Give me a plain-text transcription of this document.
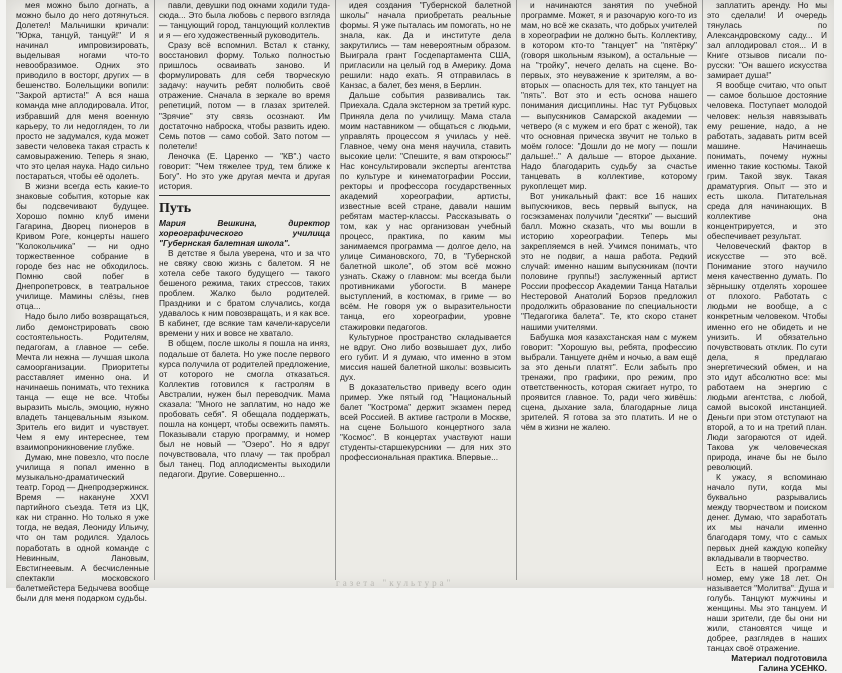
мея можно было догнать, а можно было до него дотянуться. Долетел! Мальчишки кричали: "Юрка, танцуй, танцуй!" И я начинал импровизировать, выделывая ногами что-то невообразимое. Одних это приводило в восторг, других — в бешенство. Болельщики вопили: "Закрой артиста!" А вся наша команда мне аплодировала. Итог, избравший для меня военную карьеру, то ли недогляден, то ли просто не задумался, куда может завести человека такая страсть к самовыражению. Теперь я знаю, что это целая наука. Надо сильно постараться, чтобы её одолеть.

В жизни всегда есть какие-то знаковые события, которые как бы подсвечивают будущее. Хорошо помню клуб имени Гагарина, Дворец пионеров в Кривом Роге, концерты нашего "Колокольчика" — ни одно торжественное собрание в городе без нас не обходилось. Помню свой побег в Днепропетровск, в театральное училище. Мамины слёзы, гнев отца...

Надо было либо возвращаться, либо демонстрировать свою состоятельность. Родителям, педагогам, а главное — себе. Мечта ли нежна — лучшая школа самоорганизации. Приоритеты расставляет именно она. И начинаешь понимать, что техника танца — еще не все. Чтобы выразить мысль, эмоцию, нужно владеть танцевальным языком. Зритель его видит и чувствует. Чем я ему интереснее, тем взаимопроникновение глубже.

Думаю, мне повезло, что после училища я попал именно в музыкально-драматический театр. Город — Днепродзержинск. Время — накануне XXVI партийного съезда. Тетя из ЦК, как ни странно. Но только я уже тогда, не ведая, Леониду Ильичу, что он там родился. Удалось поработать в одной команде с Невинным, Лановым, Евстигнеевым. А бесчисленные спектакли московского балетмейстера Бедычева вообще были для меня подарком судьбы.

павли, девушки под окнами ходили туда-сюда... Это была любовь с первого взгляда — танцующий город, танцующий коллектив и я — его художественный руководитель.

Сразу всё вспомнил. Встал к станку, восстановил форму. Только полностью пришлось осваивать заново. И формулировать для себя творческую задачу: научить ребят полюбить своё отражение. Сначала в зеркале во время репетиций, потом — в глазах зрителей. "Зрячие" эту связь осознают. Им достаточно наброска, чтобы развить идею. Семь потов — само собой. Зато потом — полетели!

Леночка (Е. Царенко — "КВ".) часто говорит: "Чем тяжелее труд, тем ближе к Богу". Но это уже другая мечта и другая история.

Путь

Мария Вешкина, директор хореографического училища "Губернская балетная школа".

В детстве я была уверена, что и за что не свяжу свою жизнь с балетом. Я не хотела себе такого будущего — такого бешеного режима, таких стрессов, таких проблем. Жалко было родителей. Праздники и с братом случались, когда удавалось к ним повозвращать, и я как все. В кабинет, где всякие там качели-карусели времени у них и вовсе не хватало.

В общем, после школы я пошла на иняз, подальше от балета. Но уже после первого курса получила от родителей предложение, от которого не смогла отказаться. Коллектив готовился к гастролям в Австралии, нужен был переводчик. Мама сказала: "Много не заплатим, но надо же пробовать себя". Я обещала поддержать, пошла на концерт, чтобы освежить память. Показывали старую программу, и номер был не новый — "Озеро". Но я вдруг почувствовала, что плачу — так пробрал был танец. Под аплодисменты выходили педагоги. Другие. Совершенно...

идея создания "Губернской балетной школы" начала приобретать реальные формы. Я уже пыталась им помогать, но не знала, как. Да и институте дела закрутились — там невероятным образом. Выиграла грант Госдепартамента США, пригласили на целый год в Америку. Дома решили: надо ехать. Я отправилась в Канзас, а балет, без меня, в Берлин.

Дальше события развивались так. Приехала. Сдала экстерном за третий курс. Приняла дела по училищу. Мама стала моим наставником — общаться с людьми, управлять процессом я училась у неё. Главное, чему она меня научила, ставить высокие цели: "Спешите, я вам откроюсь!" Нас консультировали эксперты агентства по культуре и кинематографии России, ректоры и профессора государственных академий хореографии, артисты, известные всей стране, давали нашим ребятам мастер-классы. Рассказывать о том, как у нас организован учебный процесс, практика, по каким мы занимаемся программа — долгое дело, на улице Симановского, 70, в "Губернской балетной школе", об этом всё можно узнать. Скажу о главном: мы всегда были противниками убогости. В манере выступлений, в костюмах, в гриме — во всём. Не говоря уж о выразительности танца, его хореографии, уровне стажировки педагогов.

Культурное пространство складывается не вдруг. Оно либо возвышает дух, либо его губит. И я думаю, что именно в этом миссия нашей балетной школы: возвысить дух.

В доказательство приведу всего один пример. Уже пятый год "Национальный балет "Кострома" держит экзамен перед всей Россией. В активе гастроли в Москве, на сцене Большого концертного зала "Космос". В концертах участвуют наши студенты-старшекурсники — для них это профессиональная практика. Впервые...

и начинаются занятия по учебной программе. Может, я и разочарую кого-то из мам, но всё же сказать, что добрых учителей в хореографии не должно быть. Коллективу, в котором кто-то "танцует" на "пятёрку" (говоря школьным языком), а остальные — на "тройку", нечего делать на сцене. Во-первых, это неуважение к зрителям, а во-вторых — опасность для тех, кто танцует на "пять". Вот это и есть основа нашего понимания дисциплины. Нас тут Рубцовых — выпускников Самарской академии — четверо (я с мужем и его брат с женой), так что основная прическа звучит не только в моём голосе: "Дошли до не могу — пошли дальше!.." А дальше — второе дыхание. Надо благодарить судьбу за счастье танцевать в коллективе, которому рукоплещет мир.

Вот уникальный факт: все 16 наших выпускников, весь первый выпуск, на госэкзаменах получили "десятки" — высший балл. Можно сказать, что мы вошли в историю хореографии. Теперь мы закрепляемся в ней. Учимся понимать, что это не подвиг, а наша работа. Редкий случай: именно нашим выпускникам (почти половине группы!) заслуженный артист России профессор Академии Танца Натальи Нестеровой Анатолий Борзов предложил продолжить образование по специальности "Педагогика балета". Те, кто скоро станет нашими учителями.

Бабушка моя казахстанская нам с мужем говорит: "Хорошую вы, ребята, профессию выбрали. Танцуете днём и ночью, а вам ещё за это деньги платят". Если забыть про тренажи, про графики, про режим, про ответственность, которая сжигает нутро, то проявится главное. То, ради чего живёшь: сцена, дыхание зала, благодарные лица зрителей. Я готова за это платить. И не о чём в жизни не жалею.

заплатить аренду. Но мы это сделали! И очередь тянулась по Александровскому саду... И зал аплодировал стоя... И в Книге отзывов писали по-русски: "Он вашего искусства замирает душа!"

Я вообще считаю, что опыт — самое большое достояние человека. Поступает молодой человек: нельзя навязывать ему решение, надо, а не работать, задавать ритм всей машине. Начинаешь понимать, почему нужны именно такие костюмы. Такой грим. Такой звук. Такая драматургия. Опыт — это и есть школа. Питательная среда для начинающих. В коллективе она концентрируется, и это обеспечивает результат.

Человеческий фактор в искусстве — это всё. Понимание этого научило меня качественно думать. По зёрнышку отделять хорошее от плохого. Работать с людьми не вообще, а с конкретным человеком. Чтобы именно его не обидеть и не унизить. И обязательно почувствовать отклик. По сути дела, я предлагаю энергетический обмен, и на это идут абсолютно все: мы работаем на энергию с людьми агентства, с любой, самой высокой инстанцией. Деньги при этом отступают на второй, а то и на третий план. Люди загораются от идей. Такова уж человеческая природа, иначе бы не было революций.

К ужасу, я вспоминаю начало пути, когда мы буквально разрывались между творчеством и поиском денег. Думаю, что заработать их мы начали именно благодаря тому, что с самых первых дней каждую копейку вкладывали в творчество.

Есть в нашей программе номер, ему уже 18 лет. Он называется "Молитва". Душа и голубь. Танцуют мужчины и женщины. Мы это танцуем. И наши зрители, где бы они ни жили, становятся чище и добрее, разглядев в наших танцах своё отражение.

Материал подготовила

Галина УСЕНКО.

газета "культура"
